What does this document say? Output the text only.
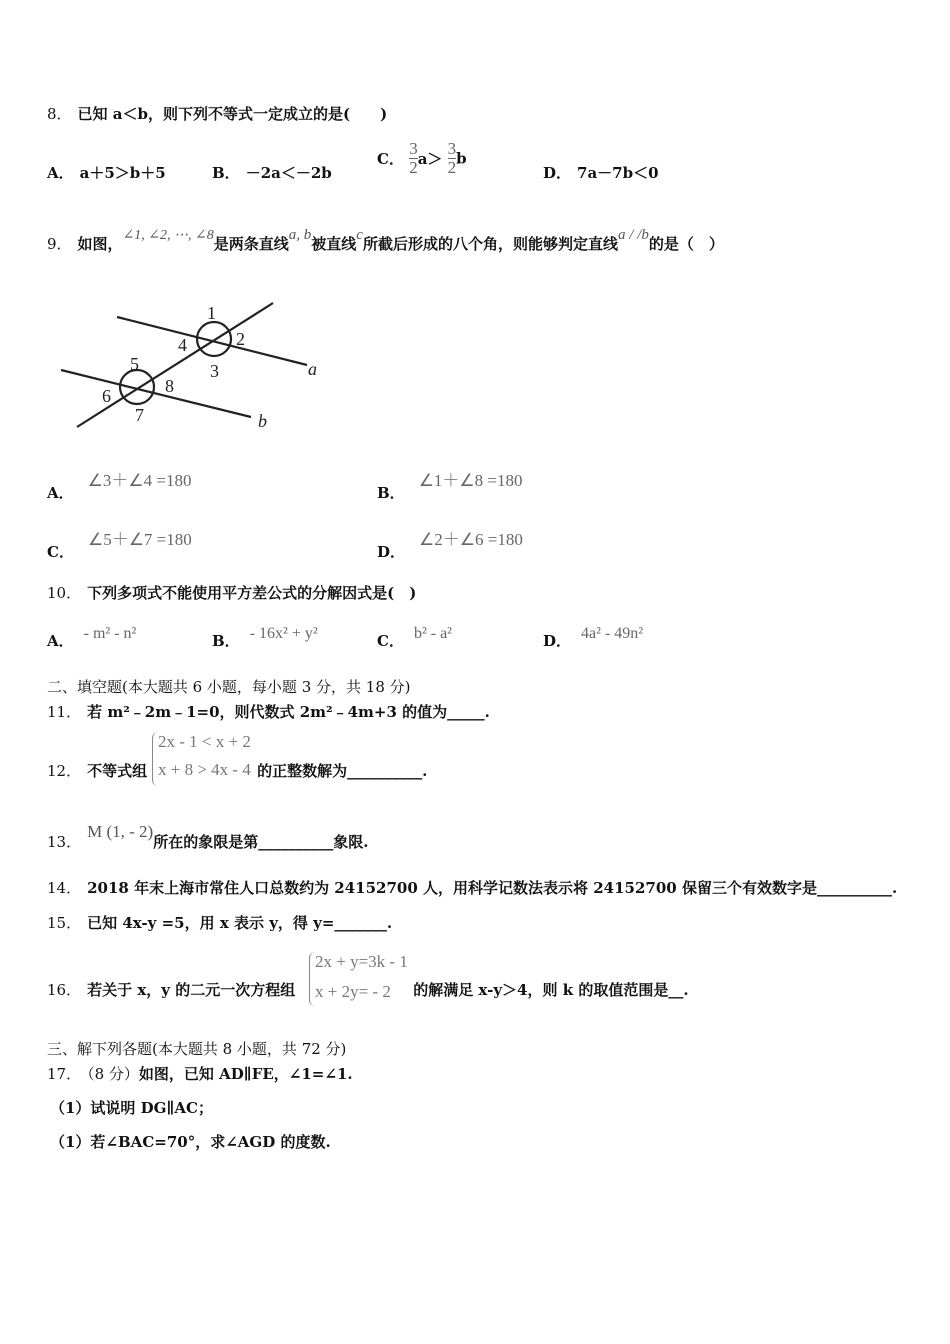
8． 已知 a＜b，则下列不等式一定成立的是(　　)
A． a＋5＞b＋5	B． －2a＜－2b
C． $\frac{3}{2} a> \frac{3}{2}$ b
D． 7a－7b＜0
9． 如图，∠1, ∠2, ⋯, ∠8是两条直线a, b被直线c所截后形成的八个角，则能够判定直线a / /b的是（　）
1
2
3
4
5
6
7
8
a
b
A．∠3＋∠4 =180
B．∠1＋∠8 =180
C．∠5＋∠7 =180
D．∠2＋∠6 =180
10． 下列多项式不能使用平方差公式的分解因式是(　)
A． - m² - n²	B． - 16x² + y²	C． b² - a²	D． 4a² - 49n²
二、填空题(本大题共 6 小题，每小题 3 分，共 18 分)
11． 若 m²﹣2m﹣1=0，则代数式 2m²﹣4m+3 的值为_____.
12． 不等式组	的正整数解为__________.
2x - 1 < x + 2
x + 8 > 4x - 4
13．M (1, - 2)所在的象限是第__________象限.
14． 2018 年末上海市常住人口总数约为 24152700 人，用科学记数法表示将 24152700 保留三个有效数字是__________.
15． 已知 4x-y =5，用 x 表示 y，得 y=_______.
16． 若关于 x，y 的二元一次方程组	的解满足 x-y＞4，则 k 的取值范围是__.
2x + y=3k - 1
x + 2y= - 2
三、解下列各题(本大题共 8 小题，共 72 分)
17． （8 分）如图，已知 AD∥FE，∠1=∠1.
（1）试说明 DG∥AC；
（1）若∠BAC=70°，求∠AGD 的度数.
